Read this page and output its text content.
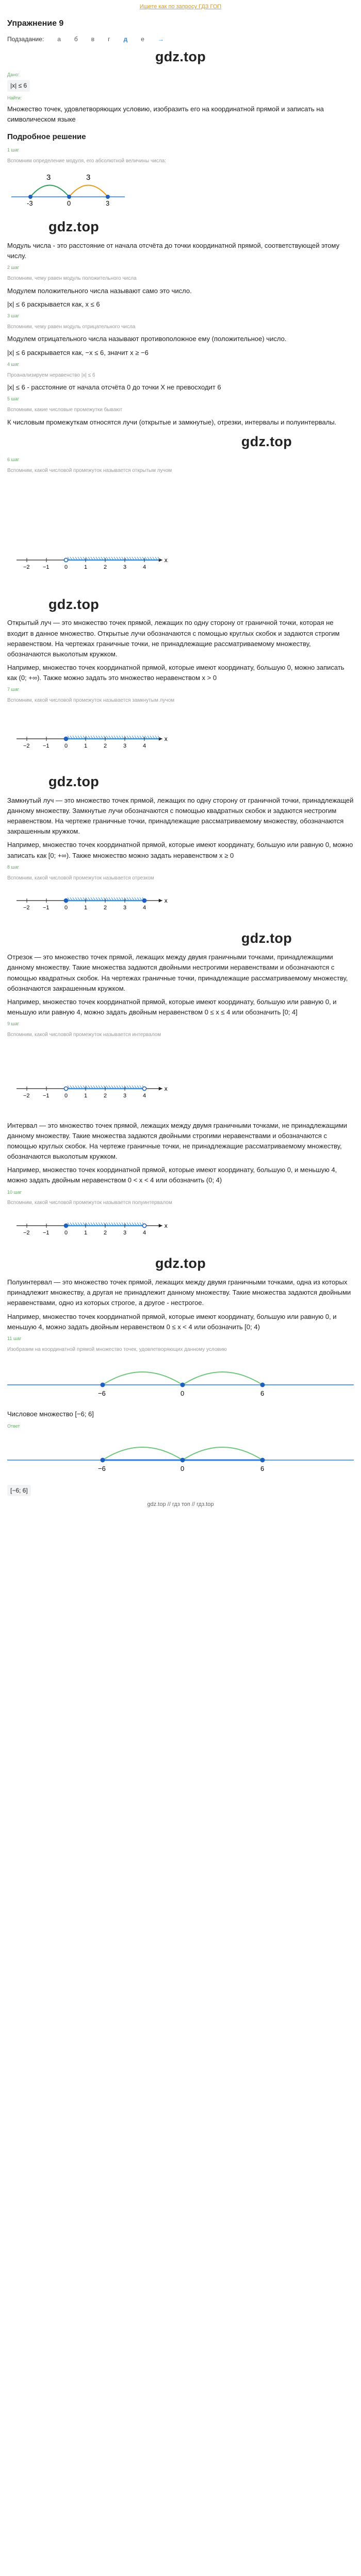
Ищете как по запросу ГДЗ ГОП
Упражнение 9
Подзадание: а б в г д е →
gdz.top
Дано:
|x| ≤ 6
Найти:
Множество точек, удовлетворяющих условию, изобразить его на координатной прямой и записать на символическом языке
Подробное решение
1 шаг
Вспомним определение модуля, его абсолютной величины числа:
-3	0	3
3	3
gdz.top
Модуль числа - это расстояние от начала отсчёта до точки координатной прямой, соответствующей этому числу.
2 шаг
Вспомним, чему равен модуль положительного числа
Модулем положительного числа называют само это число.
|x| ≤ 6 раскрывается как, x ≤ 6
3 шаг
Вспомним, чему равен модуль отрицательного числа
Модулем отрицательного числа называют противоположное ему (положительное) число.
|x| ≤ 6 раскрывается как, −x ≤ 6, значит x ≥ −6
4 шаг
Проанализируем неравенство |x| ≤ 6
|x| ≤ 6 - расстояние от начала отсчёта 0 до точки X не превосходит 6
5 шаг
Вспомним, какие числовые промежутки бывают
К числовым промежуткам относятся лучи (открытые и замкнутые), отрезки, интервалы и полуинтервалы.
gdz.top
6 шаг
Вспомним, какой числовой промежуток называется открытым лучом
x
−2 −1	0	1	2	3	4
gdz.top
Открытый луч — это множество точек прямой, лежащих по одну сторону от граничной точки, которая не входит в данное множество. Открытые лучи обозначаются с помощью круглых скобок и задаются строгим неравенством. На чертежах граничные точки, не принадлежащие рассматриваемому множеству, обозначаются выколотым кружком.
Например, множество точек координатной прямой, которые имеют координату, большую 0, можно записать как (0; +∞). Также можно задать это множество неравенством x > 0
7 шаг
Вспомним, какой числовой промежуток называется замкнутым лучом
x
−2 −1	0	1	2	3	4
gdz.top
Замкнутый луч — это множество точек прямой, лежащих по одну сторону от граничной точки, принадлежащей данному множеству. Замкнутые лучи обозначаются с помощью квадратных скобок и задаются нестрогим неравенством. На чертеже граничные точки, принадлежащие рассматриваемому множеству, обозначаются закрашенным кружком.
Например, множество точек координатной прямой, которые имеют координату, большую или равную 0, можно записать как [0; +∞). Также множество можно задать неравенством x ≥ 0
8 шаг
Вспомним, какой числовой промежуток называется отрезком
x
−2 −1	0	1	2	3	4
gdz.top
Отрезок — это множество точек прямой, лежащих между двумя граничными точками, принадлежащими данному множеству. Такие множества задаются двойными нестрогими неравенствами и обозначаются с помощью квадратных скобок. На чертежах граничные точки, принадлежащие рассматриваемому множеству, обозначаются закрашенным кружком.
Например, множество точек координатной прямой, которые имеют координату, большую или равную 0, и меньшую или равную 4, можно задать двойным неравенством 0 ≤ x ≤ 4 или обозначить [0; 4]
9 шаг
Вспомним, какой числовой промежуток называется интервалом
x
−2 −1	0	1	2	3	4
Интервал — это множество точек прямой, лежащих между двумя граничными точками, не принадлежащими данному множеству. Такие множества задаются двойными строгими неравенствами и обозначаются с помощью круглых скобок. На чертеже граничные точки, не принадлежащие рассматриваемому множеству, обозначаются выколотым кружком.
Например, множество точек координатной прямой, которые имеют координату, большую 0, и меньшую 4, можно задать двойным неравенством 0 < x < 4 или обозначить (0; 4)
10 шаг
Вспомним, какой числовой промежуток называется полуинтервалом
x
−2 −1	0	1	2	3	4
gdz.top
Полуинтервал — это множество точек прямой, лежащих между двумя граничными точками, одна из которых принадлежит множеству, а другая не принадлежит данному множеству. Такие множества задаются двойными неравенствами, одно из которых строгое, а другое - нестрогое.
Например, множество точек координатной прямой, которые имеют координату, большую или равную 0, и меньшую 4, можно задать двойным неравенством 0 ≤ x < 4 или обозначить [0; 4)
11 шаг
Изобразим на координатной прямой множество точек, удовлетворяющих данному условию
−6	0	6
Числовое множество [−6; 6]
Ответ
−6	0	6
[−6; 6]
gdz.top // гдз топ // гдз.top
